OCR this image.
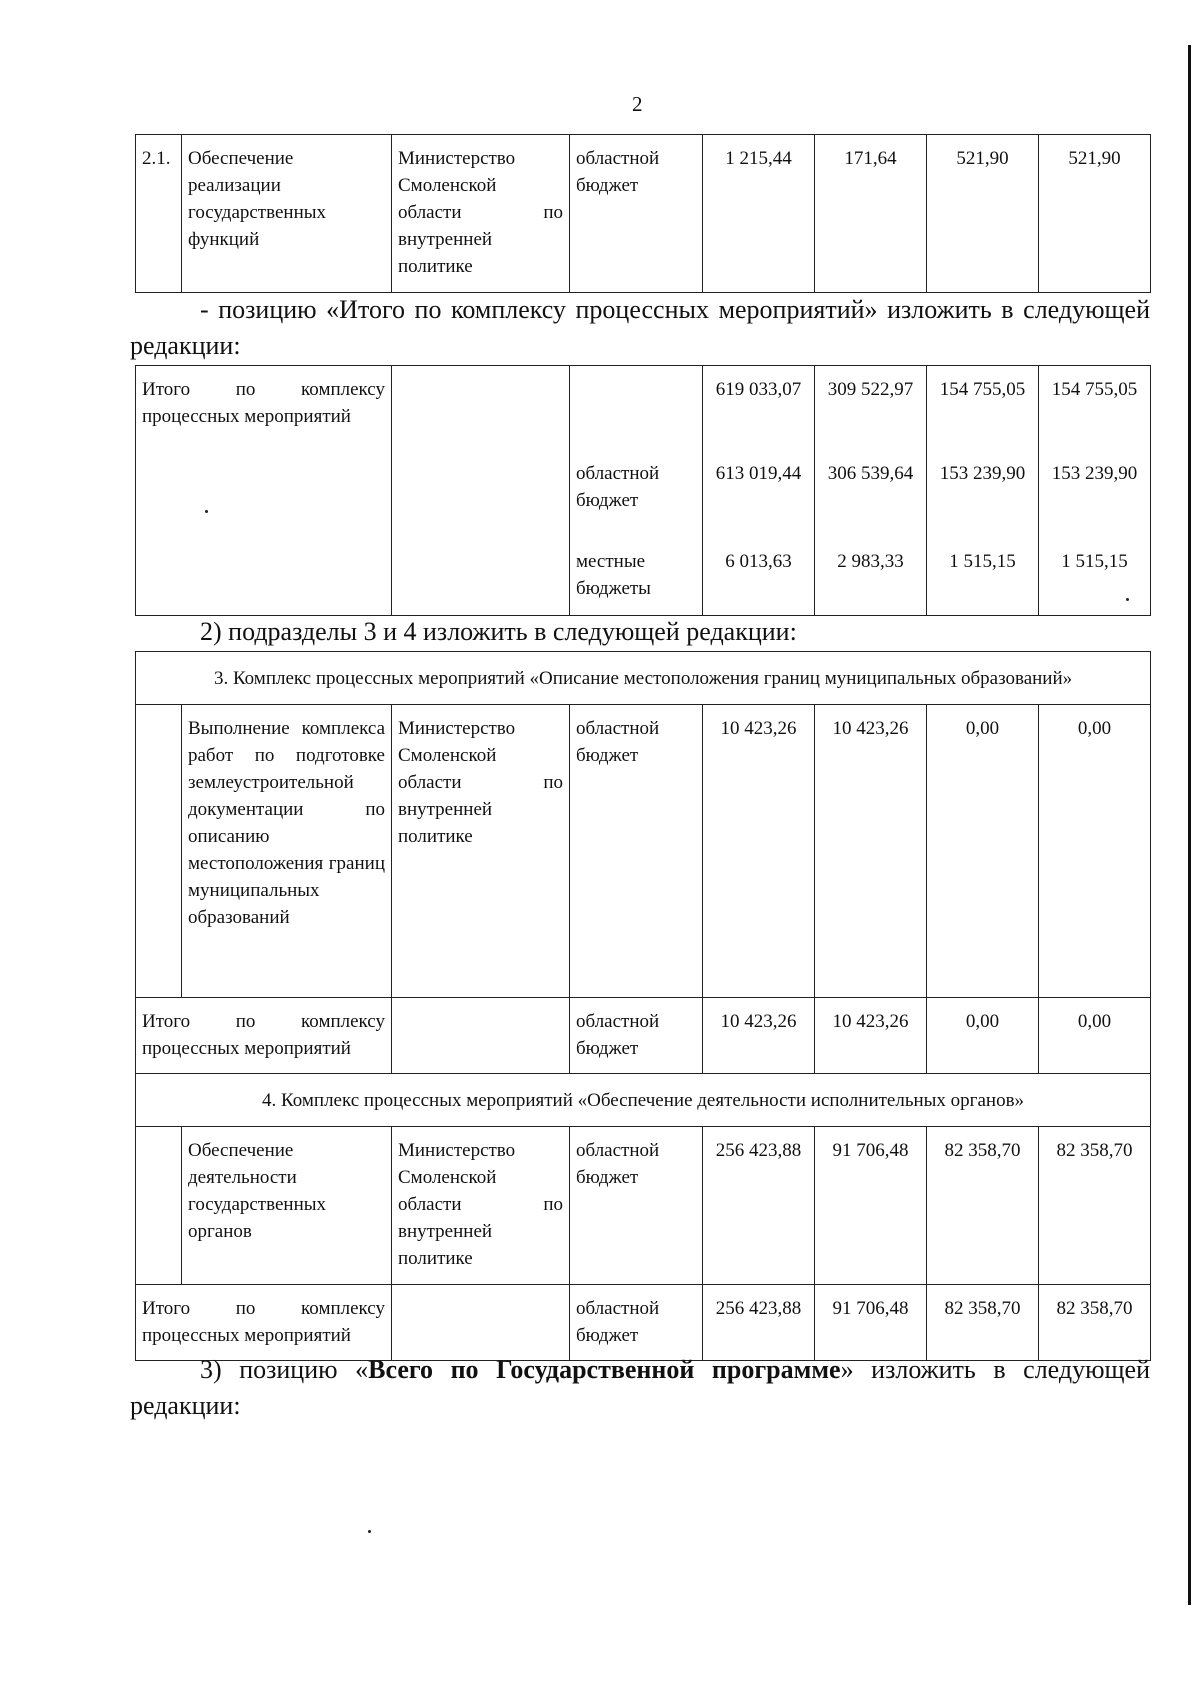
2
2.1.	Обеспечение реализации государственных функций	Министерство Смоленской области по внутренней политике	областной бюджет	1 215,44	171,64	521,90	521,90
- позицию «Итого по комплексу процессных мероприятий» изложить в следующей редакции:
Итого по комплексу процессных мероприятий			619 033,07	309 522,97	154 755,05	154 755,05
		областной бюджет	613 019,44	306 539,64	153 239,90	153 239,90
		местные бюджеты	6 013,63	2 983,33	1 515,15	1 515,15
2) подразделы 3 и 4 изложить в следующей редакции:
3. Комплекс процессных мероприятий «Описание местоположения границ муниципальных образований»							
	Выполнение комплекса работ по подготовке землеустроительной документации по описанию местоположения границ муниципальных образований	Министерство Смоленской области по внутренней политике	областной бюджет	10 423,26	10 423,26	0,00	0,00
Итого по комплексу процессных мероприятий			областной бюджет	10 423,26	10 423,26	0,00	0,00
4. Комплекс процессных мероприятий «Обеспечение деятельности исполнительных органов»							
	Обеспечение деятельности государственных органов	Министерство Смоленской области по внутренней политике	областной бюджет	256 423,88	91 706,48	82 358,70	82 358,70
Итого по комплексу процессных мероприятий			областной бюджет	256 423,88	91 706,48	82 358,70	82 358,70
3) позицию «Всего по Государственной программе» изложить в следующей редакции:
